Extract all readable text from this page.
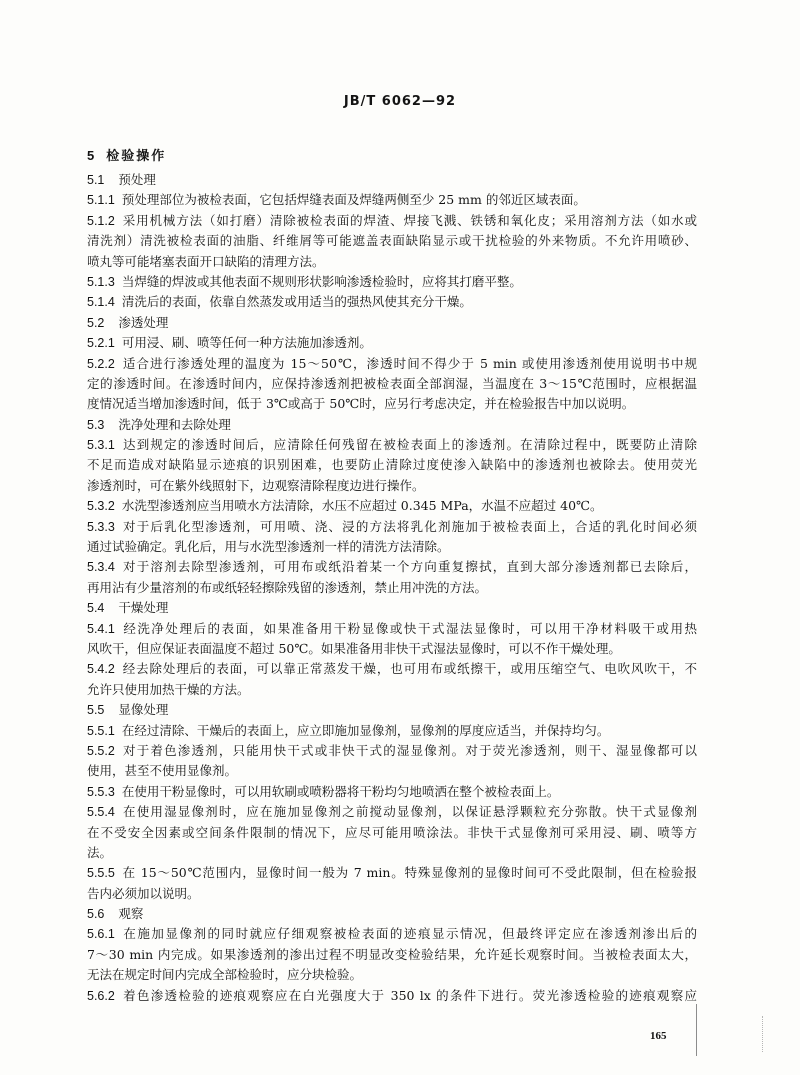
JB/T 6062—92
5 检验操作
5.1 预处理
5.1.1 预处理部位为被检表面，它包括焊缝表面及焊缝两侧至少 25 mm 的邻近区域表面。
5.1.2 采用机械方法（如打磨）清除被检表面的焊渣、焊接飞溅、铁锈和氧化皮；采用溶剂方法（如水或
清洗剂）清洗被检表面的油脂、纤维屑等可能遮盖表面缺陷显示或干扰检验的外来物质。不允许用喷砂、
喷丸等可能堵塞表面开口缺陷的清理方法。
5.1.3 当焊缝的焊波或其他表面不规则形状影响渗透检验时，应将其打磨平整。
5.1.4 清洗后的表面，依靠自然蒸发或用适当的强热风使其充分干燥。
5.2 渗透处理
5.2.1 可用浸、刷、喷等任何一种方法施加渗透剂。
5.2.2 适合进行渗透处理的温度为 15～50℃，渗透时间不得少于 5 min 或使用渗透剂使用说明书中规
定的渗透时间。在渗透时间内，应保持渗透剂把被检表面全部润湿，当温度在 3～15℃范围时，应根据温
度情况适当增加渗透时间，低于 3℃或高于 50℃时，应另行考虑决定，并在检验报告中加以说明。
5.3 洗净处理和去除处理
5.3.1 达到规定的渗透时间后，应清除任何残留在被检表面上的渗透剂。在清除过程中，既要防止清除
不足而造成对缺陷显示迹痕的识别困难，也要防止清除过度使渗入缺陷中的渗透剂也被除去。使用荧光
渗透剂时，可在紫外线照射下，边观察清除程度边进行操作。
5.3.2 水洗型渗透剂应当用喷水方法清除，水压不应超过 0.345 MPa，水温不应超过 40℃。
5.3.3 对于后乳化型渗透剂，可用喷、浇、浸的方法将乳化剂施加于被检表面上，合适的乳化时间必须
通过试验确定。乳化后，用与水洗型渗透剂一样的清洗方法清除。
5.3.4 对于溶剂去除型渗透剂，可用布或纸沿着某一个方向重复擦拭，直到大部分渗透剂都已去除后，
再用沾有少量溶剂的布或纸轻轻擦除残留的渗透剂，禁止用冲洗的方法。
5.4 干燥处理
5.4.1 经洗净处理后的表面，如果准备用干粉显像或快干式湿法显像时，可以用干净材料吸干或用热
风吹干，但应保证表面温度不超过 50℃。如果准备用非快干式湿法显像时，可以不作干燥处理。
5.4.2 经去除处理后的表面，可以靠正常蒸发干燥，也可用布或纸擦干，或用压缩空气、电吹风吹干，不
允许只使用加热干燥的方法。
5.5 显像处理
5.5.1 在经过清除、干燥后的表面上，应立即施加显像剂，显像剂的厚度应适当，并保持均匀。
5.5.2 对于着色渗透剂，只能用快干式或非快干式的湿显像剂。对于荧光渗透剂，则干、湿显像都可以
使用，甚至不使用显像剂。
5.5.3 在使用干粉显像时，可以用软刷或喷粉器将干粉均匀地喷洒在整个被检表面上。
5.5.4 在使用湿显像剂时，应在施加显像剂之前搅动显像剂，以保证悬浮颗粒充分弥散。快干式显像剂
在不受安全因素或空间条件限制的情况下，应尽可能用喷涂法。非快干式显像剂可采用浸、刷、喷等方
法。
5.5.5 在 15～50℃范围内，显像时间一般为 7 min。特殊显像剂的显像时间可不受此限制，但在检验报
告内必须加以说明。
5.6 观察
5.6.1 在施加显像剂的同时就应仔细观察被检表面的迹痕显示情况，但最终评定应在渗透剂渗出后的
7～30 min 内完成。如果渗透剂的渗出过程不明显改变检验结果，允许延长观察时间。当被检表面太大，
无法在规定时间内完成全部检验时，应分块检验。
5.6.2 着色渗透检验的迹痕观察应在白光强度大于 350 lx 的条件下进行。荧光渗透检验的迹痕观察应
165
